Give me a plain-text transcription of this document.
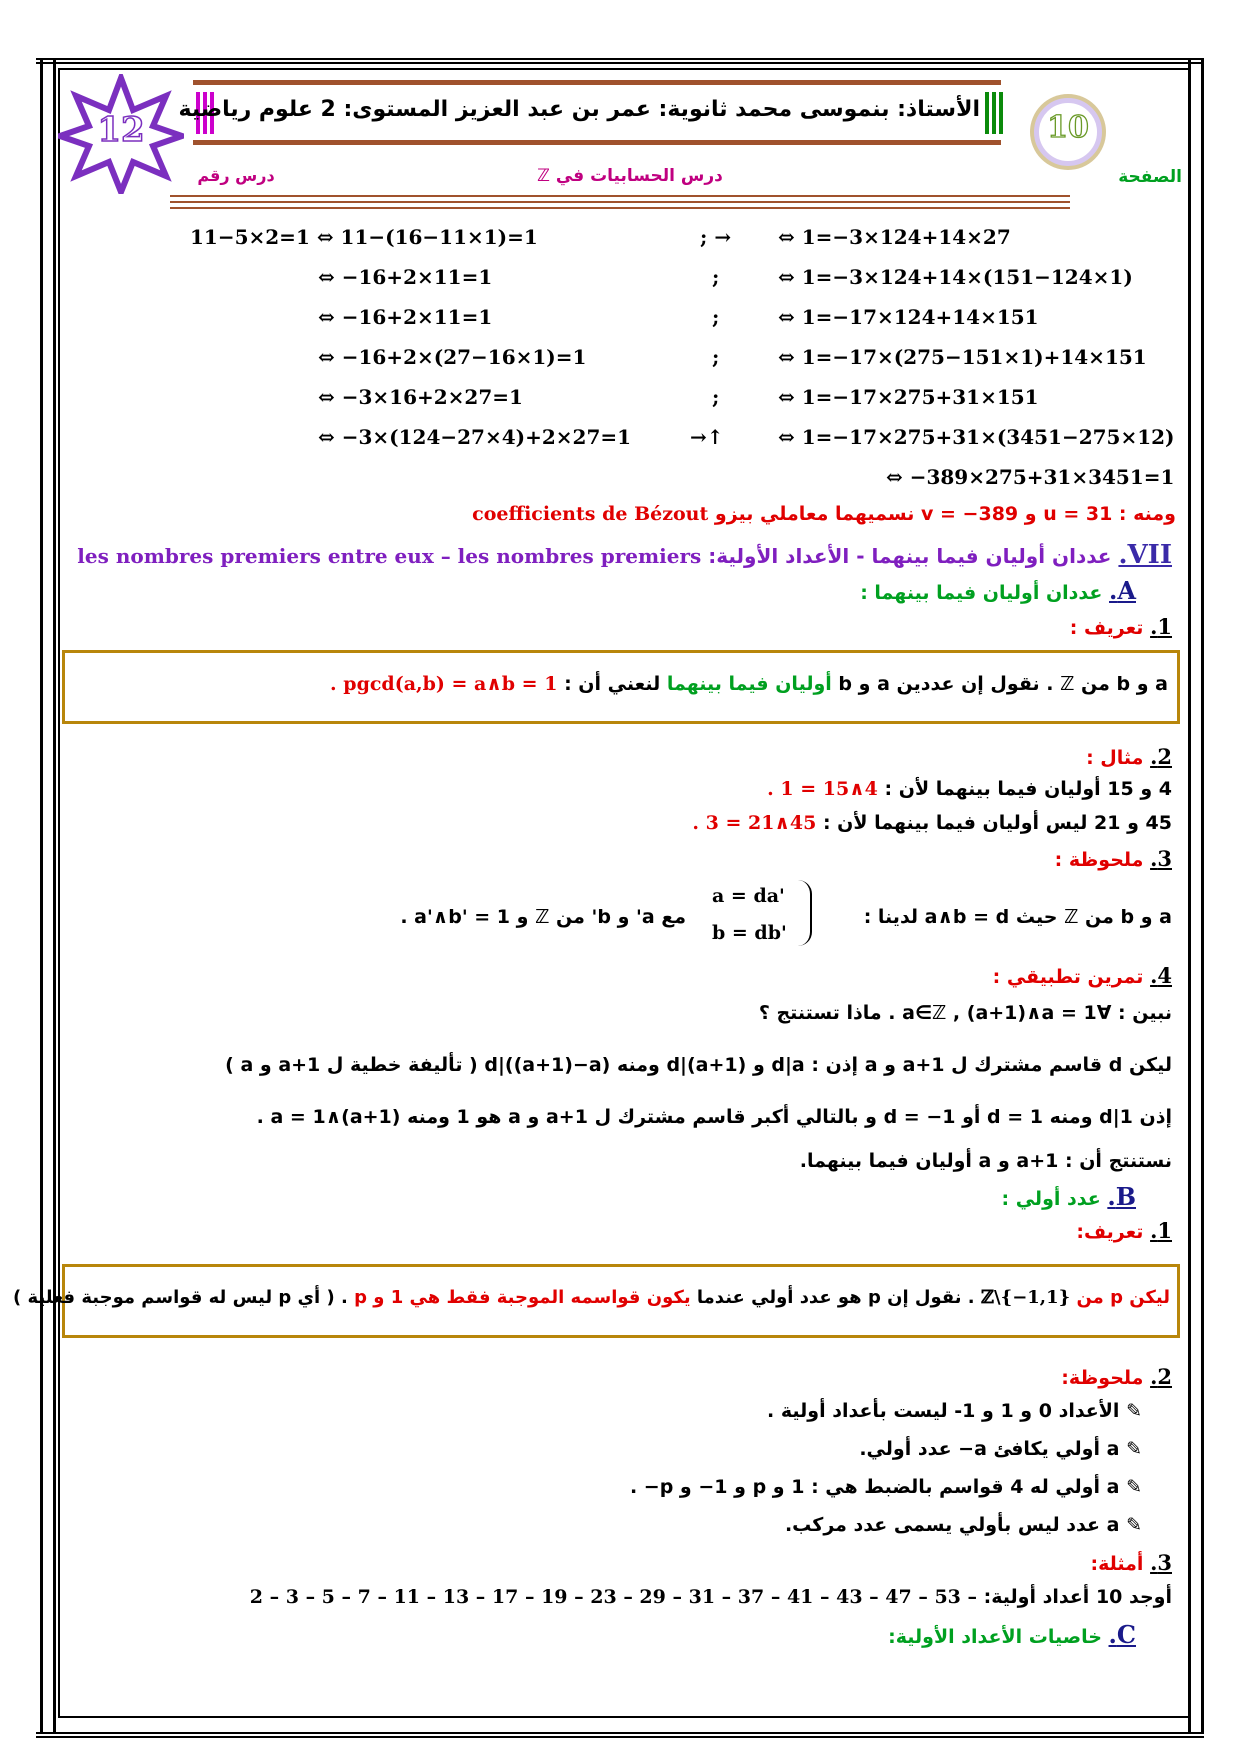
الأستاذ: بنموسى محمد ثانوية: عمر بن عبد العزيز المستوى: 2 علوم رياضية
12	10
الصفحة
درس الحسابيات في ℤ
درس رقم
11−5×2=1 ⇔ 11−(16−11×1)=1
⇔ −16+2×11=1
⇔ −16+2×11=1
⇔ −16+2×(27−16×1)=1
⇔ −3×16+2×27=1
⇔ −3×(124−27×4)+2×27=1
; →
;
;
;
;
→↑
⇔ 1=−3×124+14×27
⇔ 1=−3×124+14×(151−124×1)
⇔ 1=−17×124+14×151
⇔ 1=−17×(275−151×1)+14×151
⇔ 1=−17×275+31×151
⇔ 1=−17×275+31×(3451−275×12)
⇔ −389×275+31×3451=1
ومنه : u = 31 و v = −389 نسميهما معاملي بيزو coefficients de Bézout
VII. عددان أوليان فيما بينهما - الأعداد الأولية: les nombres premiers entre eux – les nombres premiers
A. عددان أوليان فيما بينهما :
1. تعريف :
a و b من ℤ . نقول إن عددين a و b أوليان فيما بينهما لنعني أن : pgcd(a,b) = a∧b = 1 .
2. مثال :
4 و 15 أوليان فيما بينهما لأن : 4∧15 = 1 .
45 و 21 ليس أوليان فيما بينهما لأن : 45∧21 = 3 .
3. ملحوظة :
a و b من ℤ حيث a∧b = d لدينا :
a = da'
b = db'
مع a' و b' من ℤ و a'∧b' = 1 .
4. تمرين تطبيقي :
نبين : ∀a∈ℤ , (a+1)∧a = 1 . ماذا تستنتج ؟
ليكن d قاسم مشترك ل a+1 و a إذن : d|a و d|(a+1) ومنه d|((a+1)−a) ( تأليفة خطية ل a+1 و a )
إذن d|1 ومنه d = 1 أو d = −1 و بالتالي أكبر قاسم مشترك ل a+1 و a هو 1 ومنه (a+1)∧a = 1 .
نستنتج أن : a+1 و a أوليان فيما بينهما.
B. عدد أولي :
1. تعريف:
ليكن p من ℤ\{−1,1} . نقول إن p هو عدد أولي عندما يكون قواسمه الموجبة فقط هي 1 و p . ( أي p ليس له قواسم موجبة فعلية )
2. ملحوظة:
✎ الأعداد 0 و 1 و 1- ليست بأعداد أولية .
✎ a أولي يكافئ a− عدد أولي.
✎ a أولي له 4 قواسم بالضبط هي : 1 و p و 1− و p− .
✎ a عدد ليس بأولي يسمى عدد مركب.
3. أمثلة:
أوجد 10 أعداد أولية: 2 – 3 – 5 – 7 – 11 – 13 – 17 – 19 – 23 – 29 – 31 – 37 – 41 – 43 – 47 – 53 –
C. خاصيات الأعداد الأولية:
